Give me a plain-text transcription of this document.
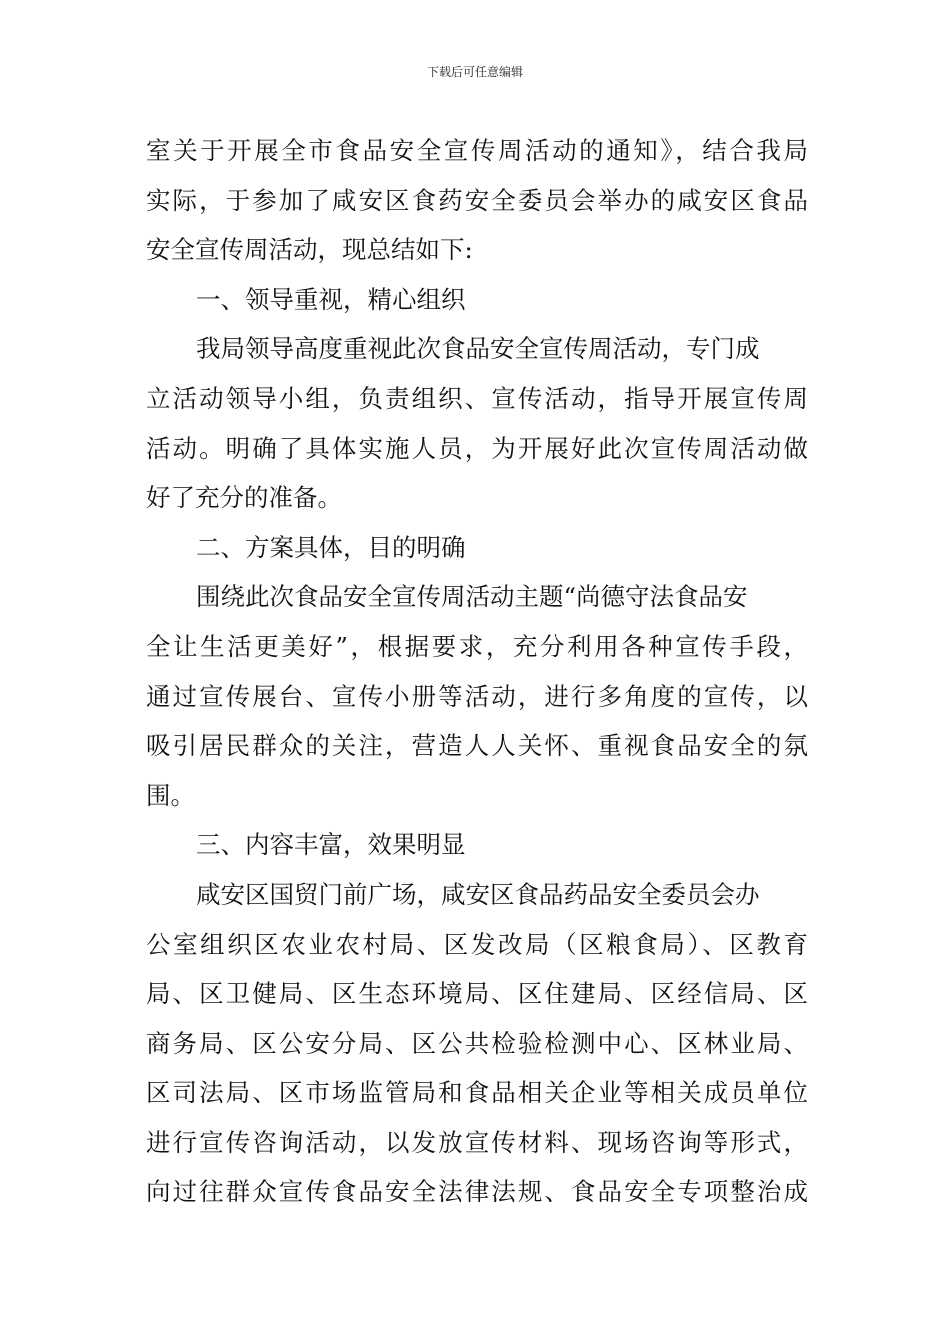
下载后可任意编辑
室关于开展全市食品安全宣传周活动的通知》，结合我局
实际，于参加了咸安区食药安全委员会举办的咸安区食品
安全宣传周活动，现总结如下:
一、领导重视，精心组织
我局领导高度重视此次食品安全宣传周活动，专门成
立活动领导小组，负责组织、宣传活动，指导开展宣传周
活动。明确了具体实施人员，为开展好此次宣传周活动做
好了充分的准备。
二、方案具体，目的明确
围绕此次食品安全宣传周活动主题“尚德守法食品安
全让生活更美好”，根据要求，充分利用各种宣传手段，
通过宣传展台、宣传小册等活动，进行多角度的宣传，以
吸引居民群众的关注，营造人人关怀、重视食品安全的氛
围。
三、内容丰富，效果明显
咸安区国贸门前广场，咸安区食品药品安全委员会办
公室组织区农业农村局、区发改局（区粮食局）、区教育
局、区卫健局、区生态环境局、区住建局、区经信局、区
商务局、区公安分局、区公共检验检测中心、区林业局、
区司法局、区市场监管局和食品相关企业等相关成员单位
进行宣传咨询活动，以发放宣传材料、现场咨询等形式，
向过往群众宣传食品安全法律法规、食品安全专项整治成
